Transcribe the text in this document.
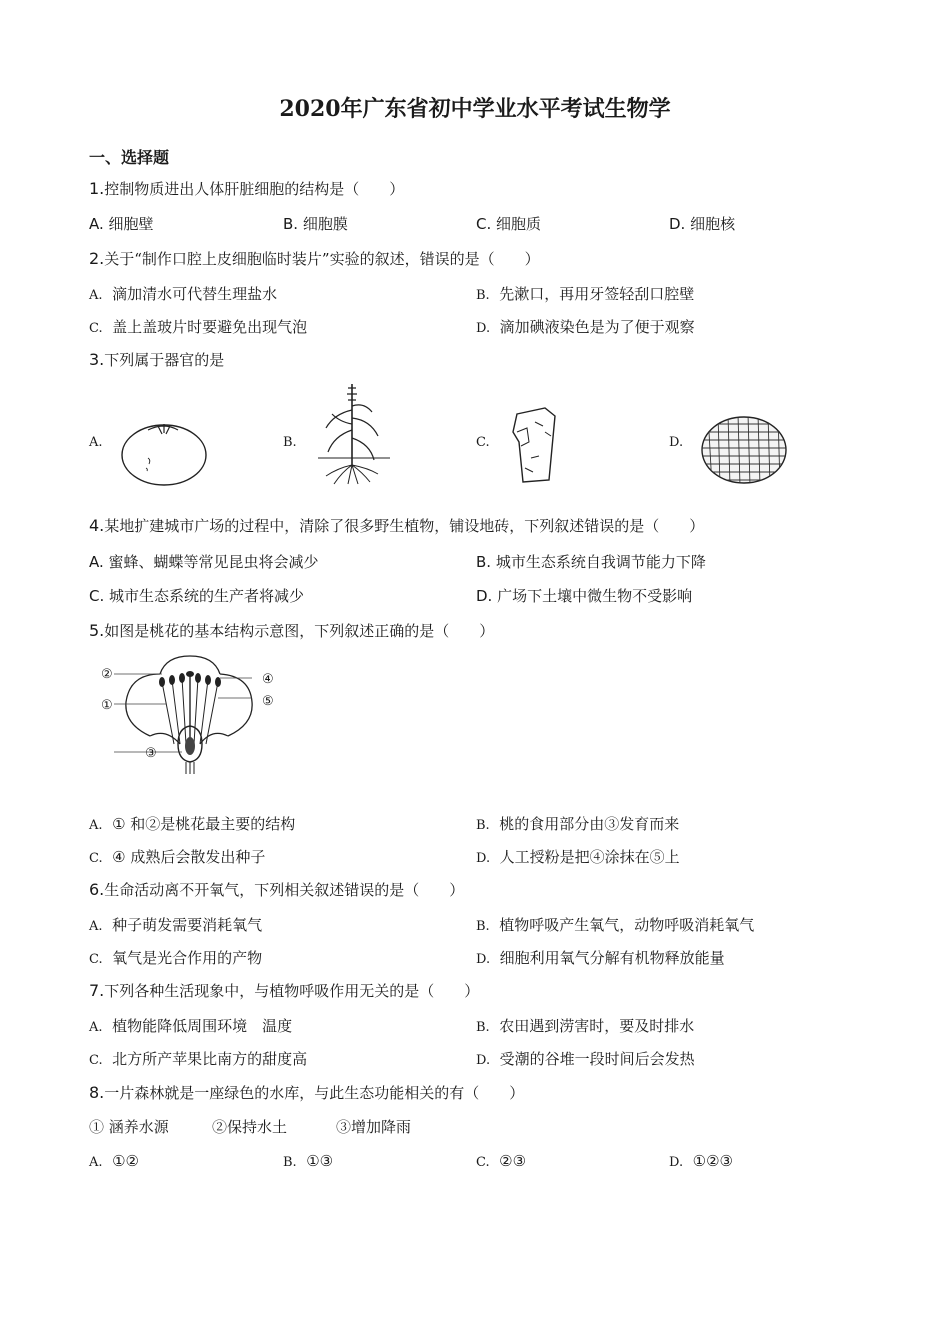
2020年广东省初中学业水平考试生物学
一、选择题
1.控制物质进出人体肝脏细胞的结构是（　　）
A. 细胞壁	B. 细胞膜	C. 细胞质	D. 细胞核
2.关于“制作口腔上皮细胞临时装片”实验的叙述，错误的是（　　）
A. 滴加清水可代替生理盐水	B. 先漱口，再用牙签轻刮口腔壁
C. 盖上盖玻片时要避免出现气泡	D. 滴加碘液染色是为了便于观察
3.下列属于器官的是
A.	B.	C.	D.
4.某地扩建城市广场的过程中，清除了很多野生植物，铺设地砖，下列叙述错误的是（　　）
A. 蜜蜂、蝴蝶等常见昆虫将会减少	B. 城市生态系统自我调节能力下降
C. 城市生态系统的生产者将减少	D. 广场下土壤中微生物不受影响
5.如图是桃花的基本结构示意图，下列叙述正确的是（　　）
②
①
③
④
⑤
A. ① 和②是桃花最主要的结构	B. 桃的食用部分由③发育而来
C. ④ 成熟后会散发出种子	D. 人工授粉是把④涂抹在⑤上
6.生命活动离不开氧气，下列相关叙述错误的是（　　）
A. 种子萌发需要消耗氧气	B. 植物呼吸产生氧气，动物呼吸消耗氧气
C. 氧气是光合作用的产物	D. 细胞利用氧气分解有机物释放能量
7.下列各种生活现象中，与植物呼吸作用无关的是（　　）
A. 植物能降低周围环境　温度	B. 农田遇到涝害时，要及时排水
C. 北方所产苹果比南方的甜度高	D. 受潮的谷堆一段时间后会发热
8.一片森林就是一座绿色的水库，与此生态功能相关的有（　　）
① 涵养水源	②保持水土	③增加降雨
A. ①②	B. ①③	C. ②③	D. ①②③
